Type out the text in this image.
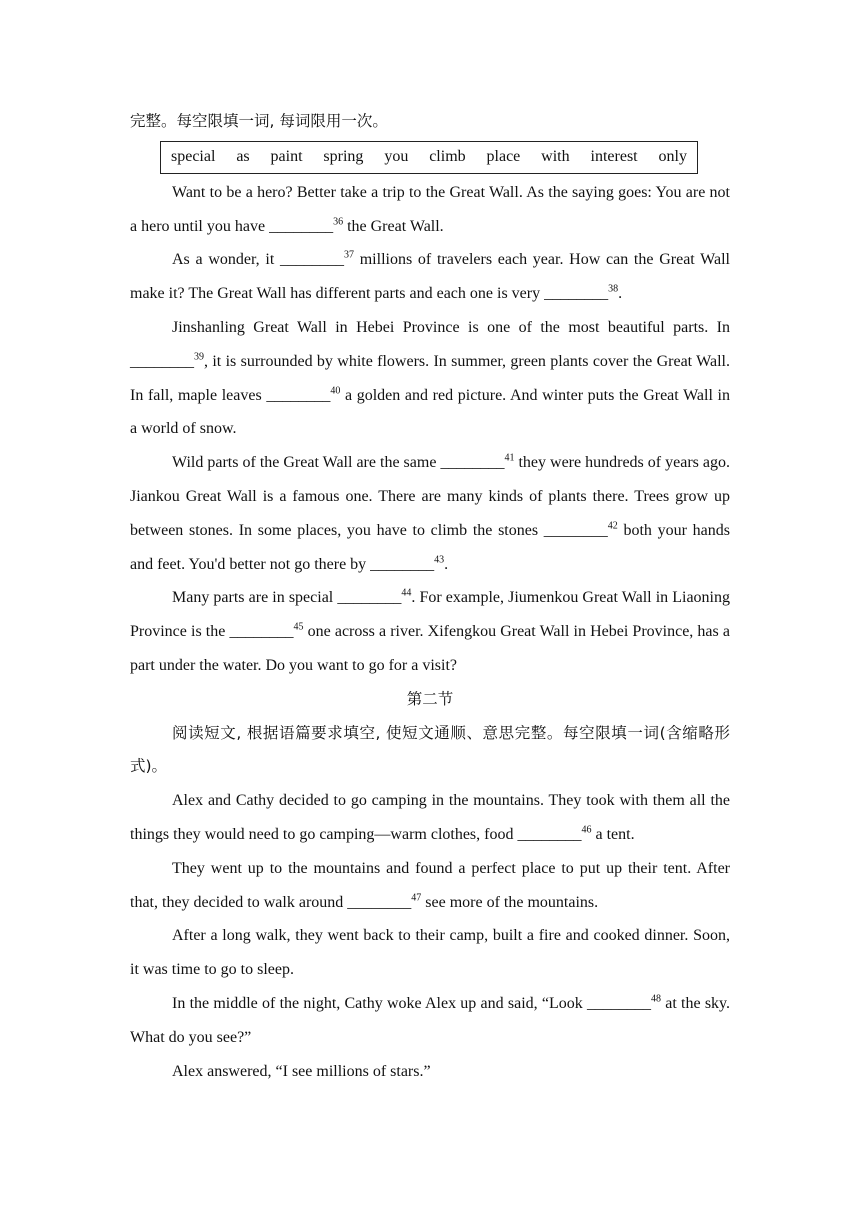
完整。每空限填一词, 每词限用一次。

special as paint spring you climb place with interest only

Want to be a hero? Better take a trip to the Great Wall. As the saying goes: You are not a hero until you have ________$^{36}$ the Great Wall.

As a wonder, it ________$^{37}$ millions of travelers each year. How can the Great Wall make it? The Great Wall has different parts and each one is very ________$^{38}$.

Jinshanling Great Wall in Hebei Province is one of the most beautiful parts. In ________$^{39}$, it is surrounded by white flowers. In summer, green plants cover the Great Wall. In fall, maple leaves ________$^{40}$ a golden and red picture. And winter puts the Great Wall in a world of snow.

Wild parts of the Great Wall are the same ________$^{41}$ they were hundreds of years ago. Jiankou Great Wall is a famous one. There are many kinds of plants there. Trees grow up between stones. In some places, you have to climb the stones ________$^{42}$ both your hands and feet. You'd better not go there by ________$^{43}$.

Many parts are in special ________$^{44}$. For example, Jiumenkou Great Wall in Liaoning Province is the ________$^{45}$ one across a river. Xifengkou Great Wall in Hebei Province, has a part under the water. Do you want to go for a visit?

第二节

阅读短文, 根据语篇要求填空, 使短文通顺、意思完整。每空限填一词(含缩略形式)。

Alex and Cathy decided to go camping in the mountains. They took with them all the things they would need to go camping—warm clothes, food ________$^{46}$ a tent.

They went up to the mountains and found a perfect place to put up their tent. After that, they decided to walk around ________$^{47}$ see more of the mountains.

After a long walk, they went back to their camp, built a fire and cooked dinner. Soon, it was time to go to sleep.

In the middle of the night, Cathy woke Alex up and said, “Look ________$^{48}$ at the sky. What do you see?”

Alex answered, “I see millions of stars.”
